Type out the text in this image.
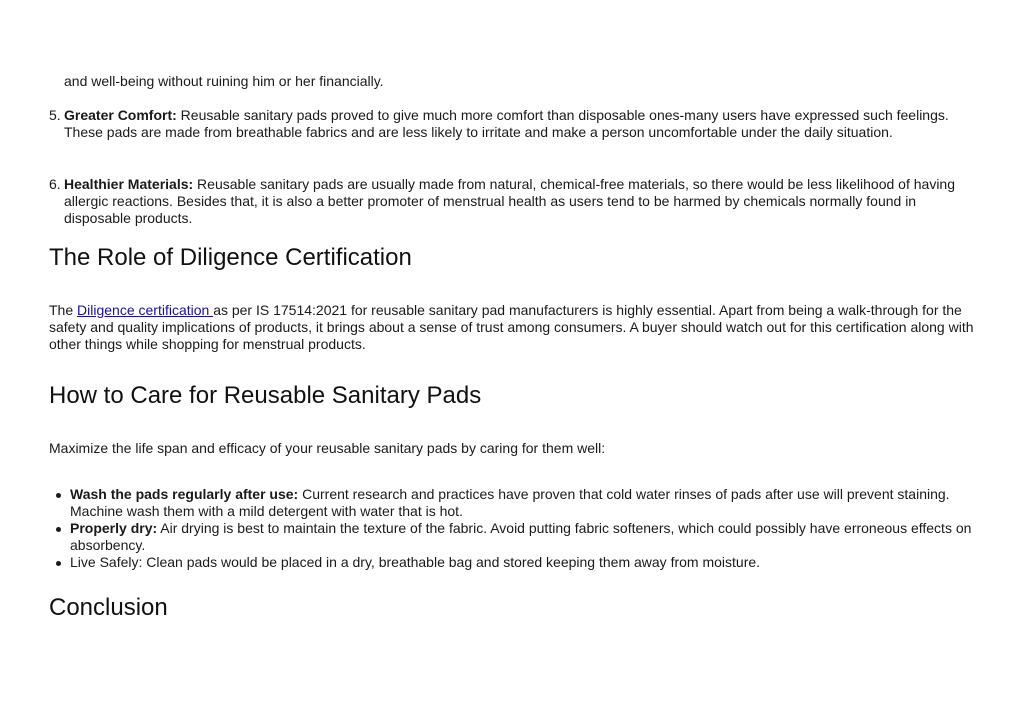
and well-being without ruining him or her financially.
5. Greater Comfort: Reusable sanitary pads proved to give much more comfort than disposable ones-many users have expressed such feelings. These pads are made from breathable fabrics and are less likely to irritate and make a person uncomfortable under the daily situation.
6. Healthier Materials: Reusable sanitary pads are usually made from natural, chemical-free materials, so there would be less likelihood of having allergic reactions. Besides that, it is also a better promoter of menstrual health as users tend to be harmed by chemicals normally found in disposable products.
The Role of Diligence Certification
The Diligence certification as per IS 17514:2021 for reusable sanitary pad manufacturers is highly essential. Apart from being a walk-through for the safety and quality implications of products, it brings about a sense of trust among consumers. A buyer should watch out for this certification along with other things while shopping for menstrual products.
How to Care for Reusable Sanitary Pads
Maximize the life span and efficacy of your reusable sanitary pads by caring for them well:
Wash the pads regularly after use: Current research and practices have proven that cold water rinses of pads after use will prevent staining. Machine wash them with a mild detergent with water that is hot.
Properly dry: Air drying is best to maintain the texture of the fabric. Avoid putting fabric softeners, which could possibly have erroneous effects on absorbency.
Live Safely: Clean pads would be placed in a dry, breathable bag and stored keeping them away from moisture.
Conclusion
